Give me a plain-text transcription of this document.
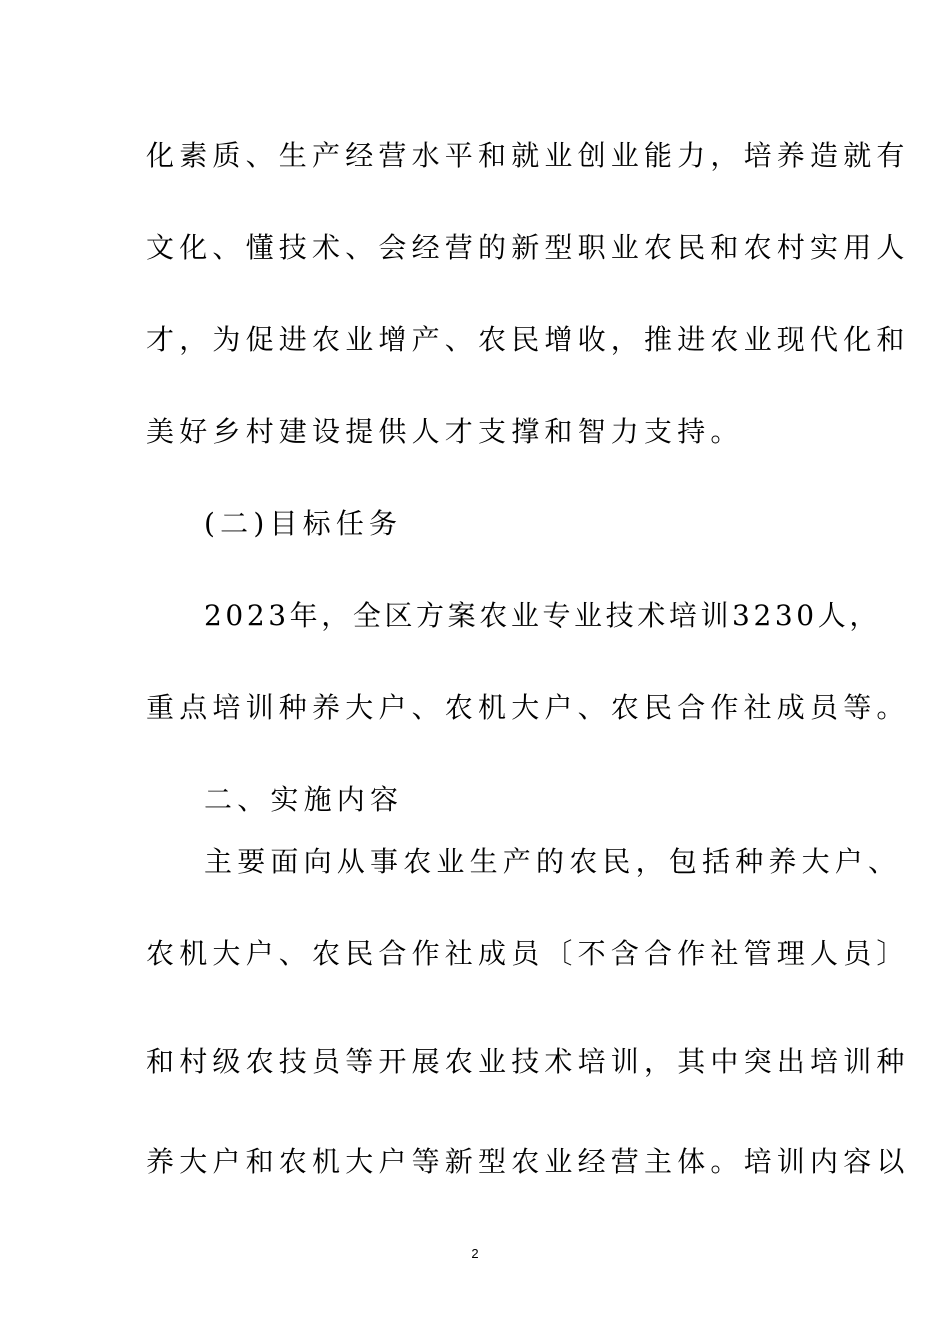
化素质、生产经营水平和就业创业能力，培养造就有
文化、懂技术、会经营的新型职业农民和农村实用人
才，为促进农业增产、农民增收，推进农业现代化和
美好乡村建设提供人才支撑和智力支持。
(二)目标任务
2023年，全区方案农业专业技术培训3230人，
重点培训种养大户、农机大户、农民合作社成员等。
二、实施内容
主要面向从事农业生产的农民，包括种养大户、
农机大户、农民合作社成员〔不含合作社管理人员〕
和村级农技员等开展农业技术培训，其中突出培训种
养大户和农机大户等新型农业经营主体。培训内容以
2
